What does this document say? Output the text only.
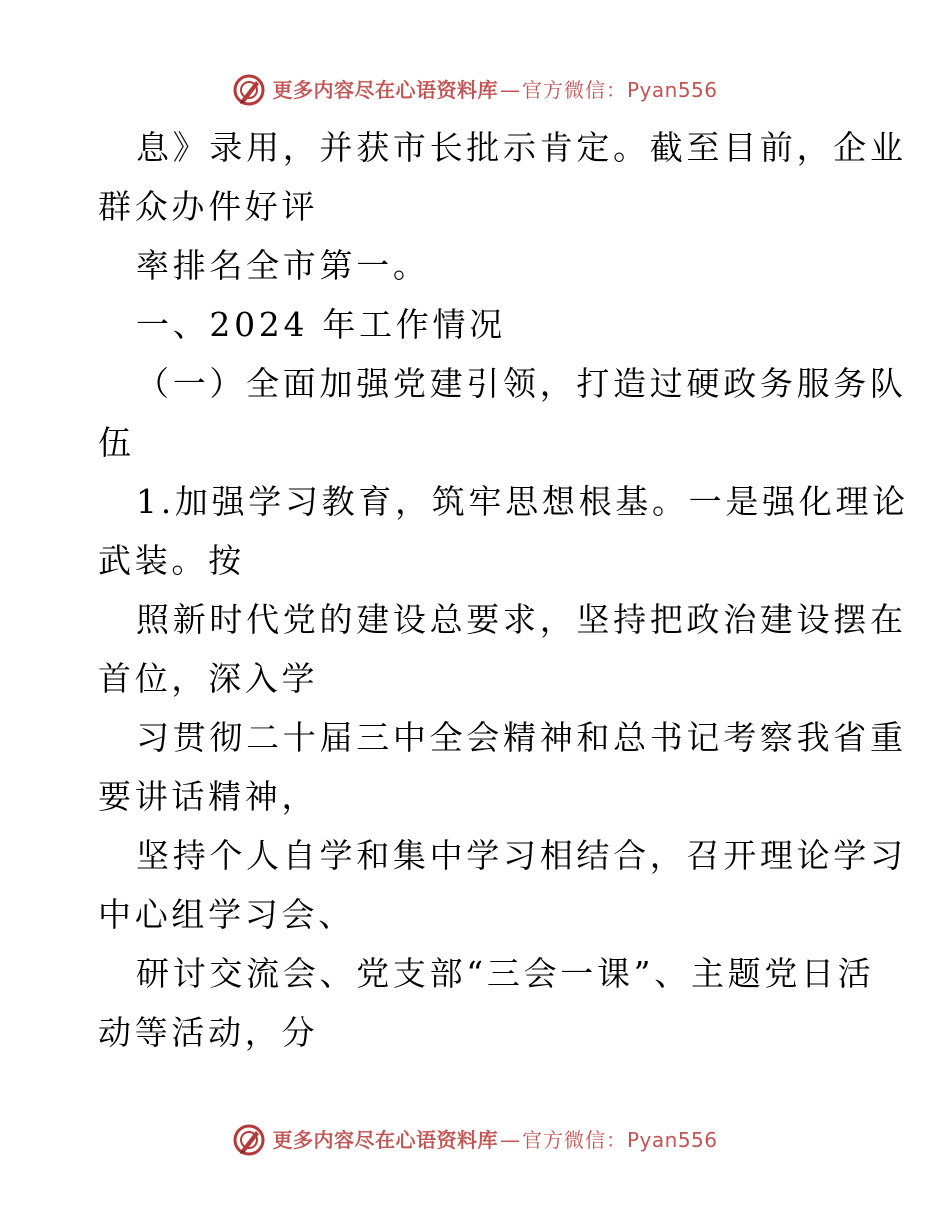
更多内容尽在心语资料库 — 官方微信： Pyan556

息》录用，并获市长批示肯定。截至目前，企业

群众办件好评

率排名全市第一。

一、2024 年工作情况

（一）全面加强党建引领，打造过硬政务服务队

伍

1.加强学习教育，筑牢思想根基。一是强化理论

武装。按

照新时代党的建设总要求，坚持把政治建设摆在

首位，深入学

习贯彻二十届三中全会精神和总书记考察我省重

要讲话精神，

坚持个人自学和集中学习相结合，召开理论学习

中心组学习会、

研讨交流会、党支部“三会一课”、主题党日活

动等活动，分

更多内容尽在心语资料库 — 官方微信： Pyan556
